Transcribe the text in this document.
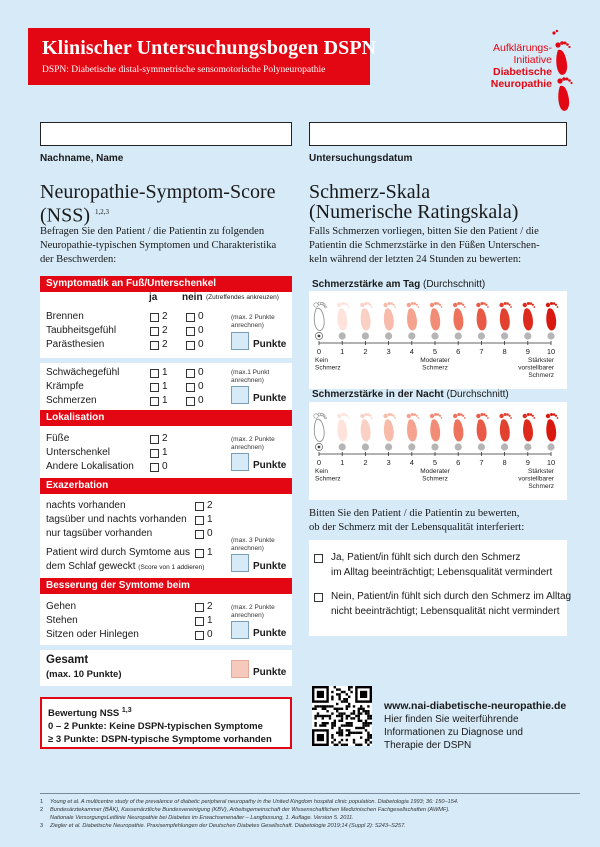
Klinischer Untersuchungsbogen DSPN
DSPN: Diabetische distal-symmetrische sensomotorische Polyneuropathie
Aufklärungs-
Initiative
Diabetische
Neuropathie
Nachname, Name	Untersuchungsdatum
Neuropathie-Symptom-Score
(NSS) $^{1,2,3}$
Befragen Sie den Patient / die Patientin zu folgenden
Neuropathie-typischen Symptomen und Charakteristika
der Beschwerden:
Symptomatik an Fuß/Unterschenkel
ja nein (Zutreffendes ankreuzen)
Brennen	2	0
Taubheitsgefühl	2	0
Parästhesien	2	0
(max. 2 Punkte
anrechnen)
Punkte
Schwächegefühl	1	0
Krämpfe	1	0
Schmerzen	1	0
(max.1 Punkt
anrechnen)
Punkte
Lokalisation
Füße	2
Unterschenkel	1
Andere Lokalisation	0
(max. 2 Punkte
anrechnen)
Punkte
Exazerbation
nachts vorhanden	2
tagsüber und nachts vorhanden 1
nur tagsüber vorhanden	0
Patient wird durch Symtome aus 1
dem Schlaf geweckt (Score von 1 addieren)
(max. 3 Punkte
anrechnen)
Punkte
Besserung der Symtome beim
Gehen	2
Stehen	1
Sitzen oder Hinlegen	0
(max. 2 Punkte
anrechnen)
Punkte
Gesamt
(max. 10 Punkte)	Punkte
Bewertung NSS $^{1,3}$
0 – 2 Punkte: Keine DSPN-typischen Symptome
≥ 3 Punkte: DSPN-typische Symptome vorhanden
Schmerz-Skala
(Numerische Ratingskala)
Falls Schmerzen vorliegen, bitten Sie den Patient / die
Patientin die Schmerzstärke in den Füßen Unterschen-
keln während der letzten 24 Stunden zu bewerten:
Schmerzstärke am Tag (Durchschnitt)
0	1	2	3	4	5	6	7	8	9 10
Kein
Schmerz
Moderater
Schmerz
Stärkster
vorstellbarer
Schmerz
Schmerzstärke in der Nacht (Durchschnitt)
0	1	2	3	4	5	6	7	8	9 10
Kein
Schmerz
Moderater
Schmerz
Stärkster
vorstellbarer
Schmerz
Bitten Sie den Patient / die Patientin zu bewerten,
ob der Schmerz mit der Lebensqualität interferiert:
Ja, Patient/in fühlt sich durch den Schmerz
im Alltag beeinträchtigt; Lebensqualität vermindert
Nein, Patient/in fühlt sich durch den Schmerz im Alltag
nicht beeinträchtigt; Lebensqualität nicht vermindert
www.nai-diabetische-neuropathie.de
Hier finden Sie weiterführende
Informationen zu Diagnose und
Therapie der DSPN
1 Young et al. A multicentre study of the prevalence of diabetic peripheral neuropathy in the United Kingdom hospital clinic population. Diabetologia 1993; 36: 150–154.
2 Bundesärztekammer (BÄK), Kassenärztliche Bundesvereinigung (KBV), Arbeitsgemeinschaft der Wissenschaftlichen Medizinischen Fachgesellschaften (AWMF).
Nationale VersorgungsLeitlinie Neuropathie bei Diabetes im Erwachsenenalter – Langfassung, 1. Auflage. Version 5. 2011.
3 Ziegler et al. Diabetische Neuropathie. Praxisempfehlungen der Deutschen Diabetes Gesellschaft. Diabetologie 2019;14 (Suppl 2): S243–S257.
